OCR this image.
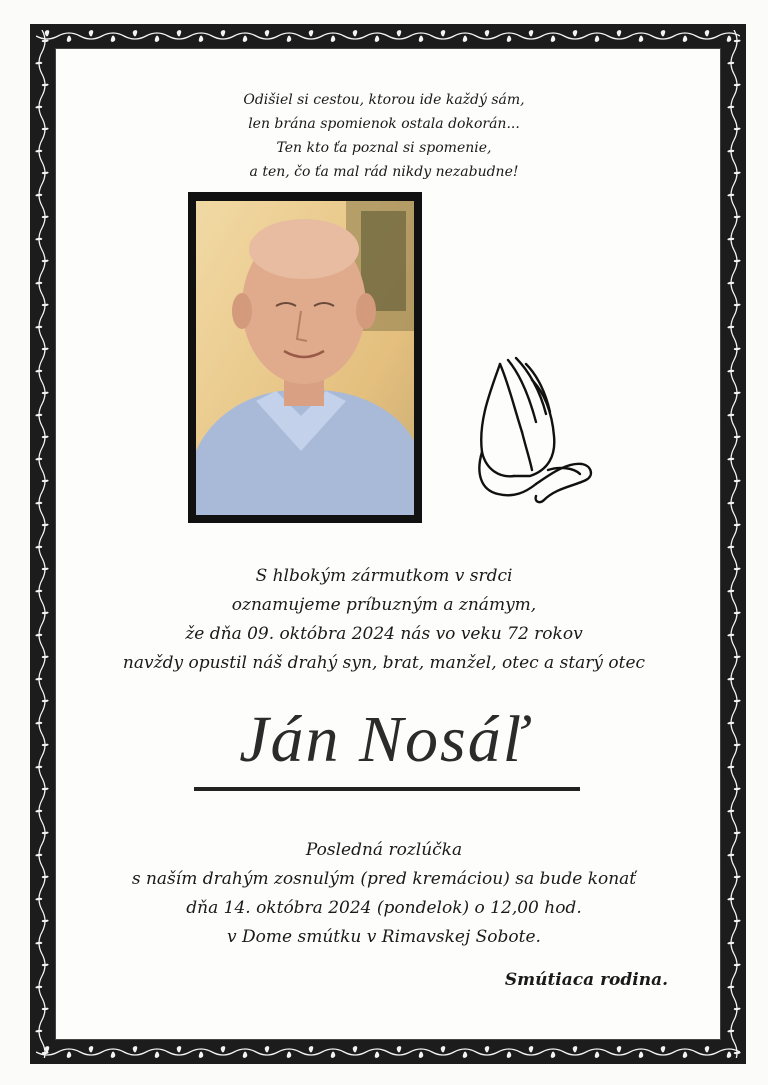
Odišiel si cestou, ktorou ide každý sám,
len brána spomienok ostala dokorán...
Ten kto ťa poznal si spomenie,
a ten, čo ťa mal rád nikdy nezabudne!
S hlbokým zármutkom v srdci
oznamujeme príbuzným a známym,
že dňa 09. októbra 2024 nás vo veku 72 rokov
navždy opustil náš drahý syn, brat, manžel, otec a starý otec
Ján Nosáľ
Posledná rozlúčka
s naším drahým zosnulým (pred kremáciou) sa bude konať
dňa 14. októbra 2024 (pondelok) o 12,00 hod.
v Dome smútku v Rimavskej Sobote.
Smútiaca rodina.
